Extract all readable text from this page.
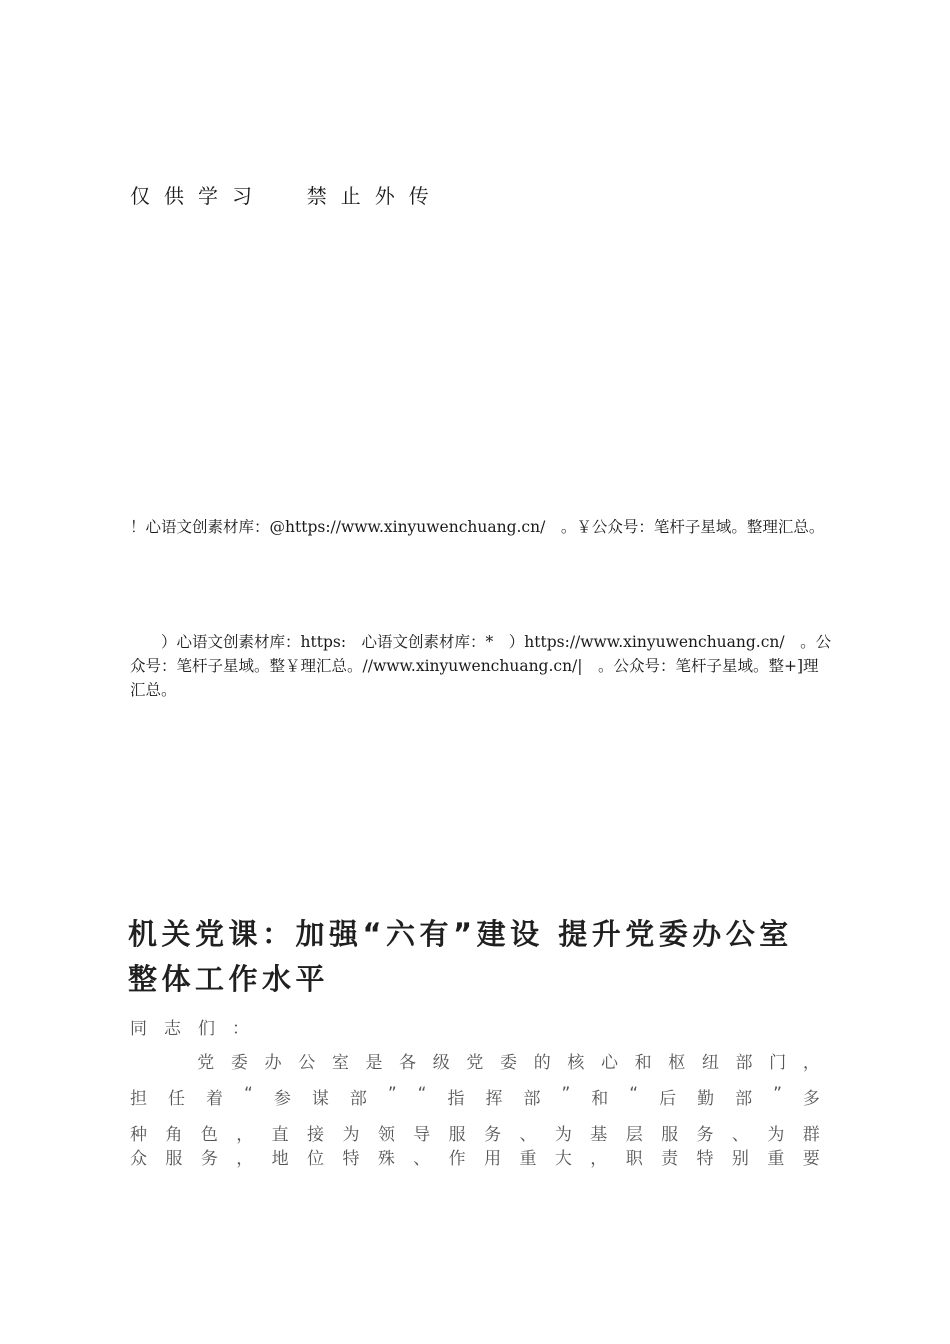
仅供学习  禁止外传
！心语文创素材库：@https://www.xinyuwenchuang.cn/　。￥公众号：笔杆子星域。整理汇总。
　　）心语文创素材库：https:　心语文创素材库：*　）https://www.xinyuwenchuang.cn/　。公
众号：笔杆子星域。整￥理汇总。//www.xinyuwenchuang.cn/|　。公众号：笔杆子星域。整+]理
汇总。
机关党课：加强“六有”建设 提升党委办公室
整体工作水平
同志们：

党 委 办 公 室 是 各 级 党 委 的 核 心 和 枢 纽 部 门 ，
担 任 着 “ 参 谋 部 ” “ 指 挥 部 ” 和 “ 后 勤 部 ” 多
种 角 色 ， 直 接 为 领 导 服 务 、 为 基 层 服 务 、 为 群
众 服 务 ， 地 位 特 殊 、 作 用 重 大 ， 职 责 特 别 重 要
